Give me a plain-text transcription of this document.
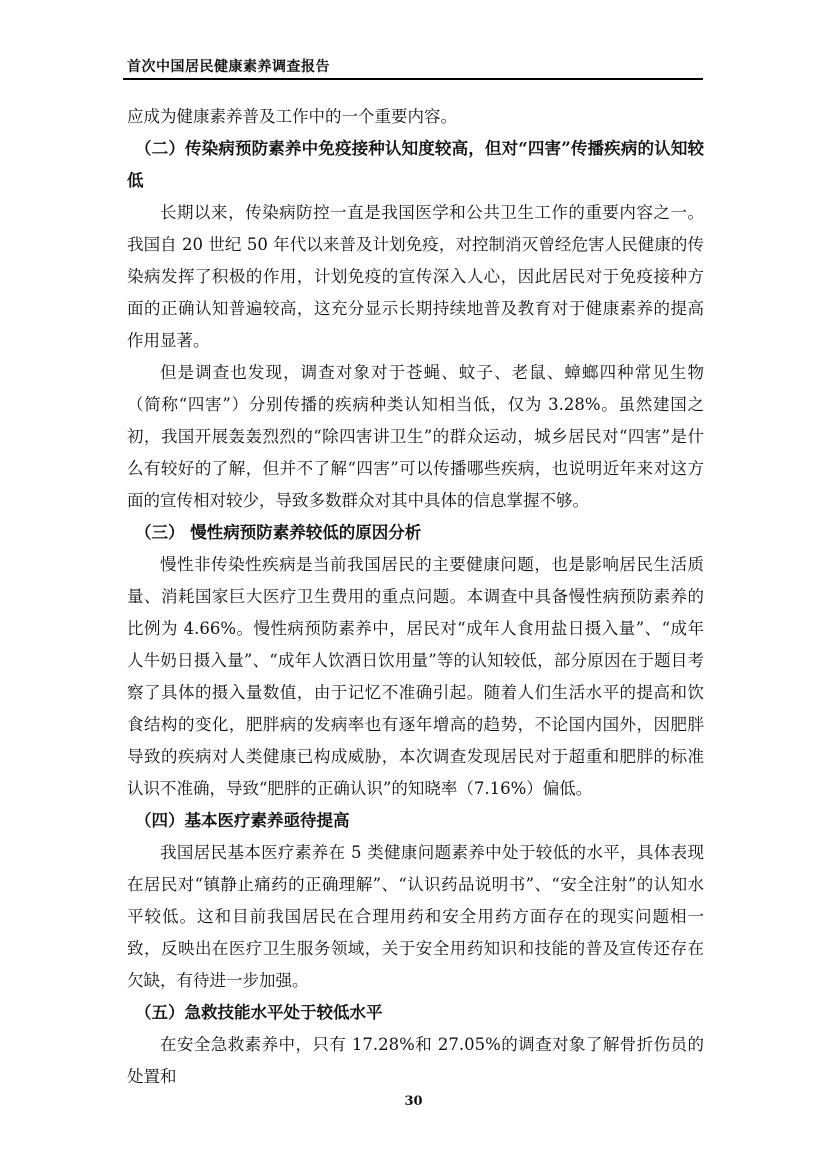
首次中国居民健康素养调查报告

应成为健康素养普及工作中的一个重要内容。

（二）传染病预防素养中免疫接种认知度较高，但对“四害”传播疾病的认知较低

长期以来，传染病防控一直是我国医学和公共卫生工作的重要内容之一。我国自 20 世纪 50 年代以来普及计划免疫，对控制消灭曾经危害人民健康的传染病发挥了积极的作用，计划免疫的宣传深入人心，因此居民对于免疫接种方面的正确认知普遍较高，这充分显示长期持续地普及教育对于健康素养的提高作用显著。

但是调查也发现，调查对象对于苍蝇、蚊子、老鼠、蟑螂四种常见生物（简称“四害”）分别传播的疾病种类认知相当低，仅为 3.28%。虽然建国之初，我国开展轰轰烈烈的“除四害讲卫生”的群众运动，城乡居民对“四害”是什么有较好的了解，但并不了解“四害”可以传播哪些疾病，也说明近年来对这方面的宣传相对较少，导致多数群众对其中具体的信息掌握不够。

（三） 慢性病预防素养较低的原因分析

慢性非传染性疾病是当前我国居民的主要健康问题，也是影响居民生活质量、消耗国家巨大医疗卫生费用的重点问题。本调查中具备慢性病预防素养的比例为 4.66%。慢性病预防素养中，居民对“成年人食用盐日摄入量”、“成年人牛奶日摄入量”、“成年人饮酒日饮用量”等的认知较低，部分原因在于题目考察了具体的摄入量数值，由于记忆不准确引起。随着人们生活水平的提高和饮食结构的变化，肥胖病的发病率也有逐年增高的趋势，不论国内国外，因肥胖导致的疾病对人类健康已构成威胁，本次调查发现居民对于超重和肥胖的标准认识不准确，导致“肥胖的正确认识”的知晓率（7.16%）偏低。

（四）基本医疗素养亟待提高

我国居民基本医疗素养在 5 类健康问题素养中处于较低的水平，具体表现在居民对“镇静止痛药的正确理解”、“认识药品说明书”、“安全注射”的认知水平较低。这和目前我国居民在合理用药和安全用药方面存在的现实问题相一致，反映出在医疗卫生服务领域，关于安全用药知识和技能的普及宣传还存在欠缺，有待进一步加强。

（五）急救技能水平处于较低水平

在安全急救素养中，只有 17.28%和 27.05%的调查对象了解骨折伤员的处置和

30
